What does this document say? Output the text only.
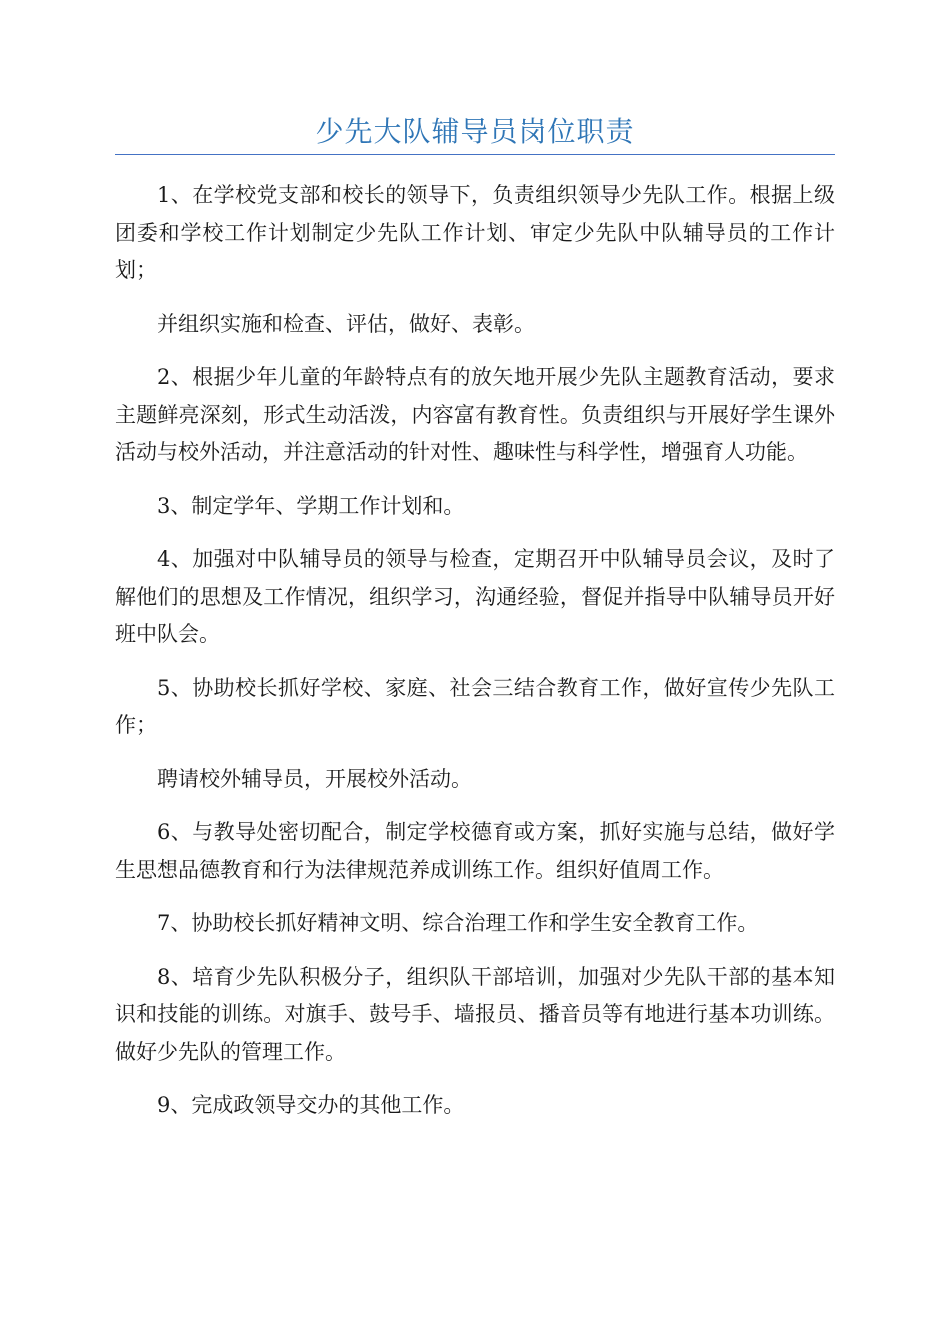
少先大队辅导员岗位职责

1、在学校党支部和校长的领导下，负责组织领导少先队工作。根据上级团委和学校工作计划制定少先队工作计划、审定少先队中队辅导员的工作计划；

并组织实施和检查、评估，做好、表彰。

2、根据少年儿童的年龄特点有的放矢地开展少先队主题教育活动，要求主题鲜亮深刻，形式生动活泼，内容富有教育性。负责组织与开展好学生课外活动与校外活动，并注意活动的针对性、趣味性与科学性，增强育人功能。

3、制定学年、学期工作计划和。

4、加强对中队辅导员的领导与检查，定期召开中队辅导员会议，及时了解他们的思想及工作情况，组织学习，沟通经验，督促并指导中队辅导员开好班中队会。

5、协助校长抓好学校、家庭、社会三结合教育工作，做好宣传少先队工作；

聘请校外辅导员，开展校外活动。

6、与教导处密切配合，制定学校德育或方案，抓好实施与总结，做好学生思想品德教育和行为法律规范养成训练工作。组织好值周工作。

7、协助校长抓好精神文明、综合治理工作和学生安全教育工作。

8、培育少先队积极分子，组织队干部培训，加强对少先队干部的基本知识和技能的训练。对旗手、鼓号手、墙报员、播音员等有地进行基本功训练。做好少先队的管理工作。

9、完成政领导交办的其他工作。
